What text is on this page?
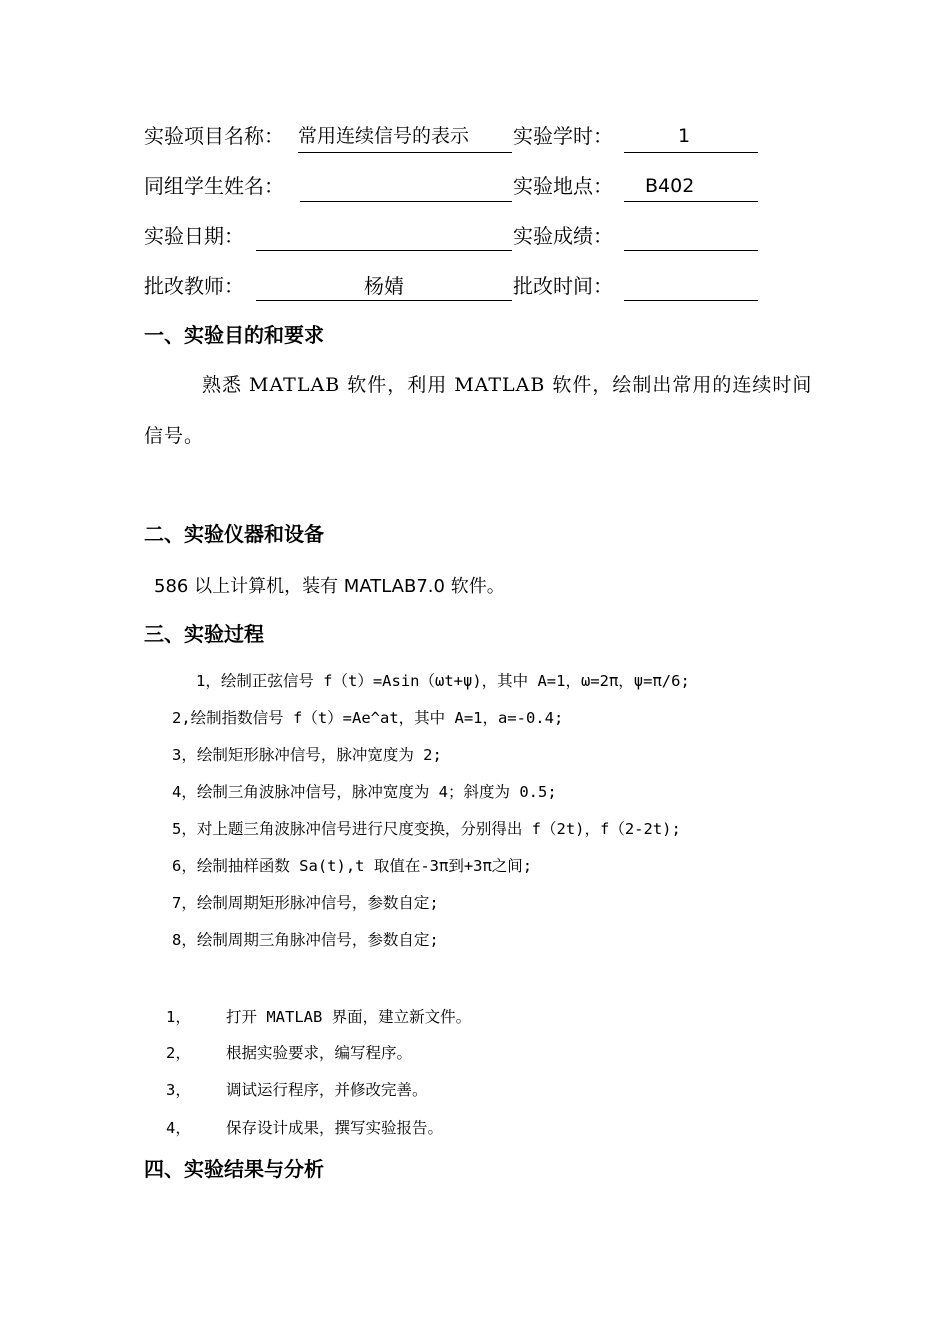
实验项目名称： 常用连续信号的表示	实验学时：	1
同组学生姓名：	实验地点： B402
实验日期：	实验成绩：
批改教师：	杨婧	批改时间：
一、实验目的和要求
熟悉 MATLAB 软件，利用 MATLAB 软件，绘制出常用的连续时间
信号。
二、实验仪器和设备
586 以上计算机，装有 MATLAB7.0 软件。
三、实验过程
1，绘制正弦信号 f（t）=Asin（ωt+ψ)，其中 A=1，ω=2π，ψ=π/6;
2,绘制指数信号 f（t）=Ae^at，其中 A=1，a=-0.4;
3，绘制矩形脉冲信号，脉冲宽度为 2;
4，绘制三角波脉冲信号，脉冲宽度为 4；斜度为 0.5;
5，对上题三角波脉冲信号进行尺度变换，分别得出 f（2t)，f（2-2t);
6，绘制抽样函数 Sa(t),t 取值在-3π到+3π之间;
7，绘制周期矩形脉冲信号，参数自定;
8，绘制周期三角脉冲信号，参数自定;
1， 打开 MATLAB 界面，建立新文件。
2， 根据实验要求，编写程序。
3， 调试运行程序，并修改完善。
4， 保存设计成果，撰写实验报告。
四、实验结果与分析
